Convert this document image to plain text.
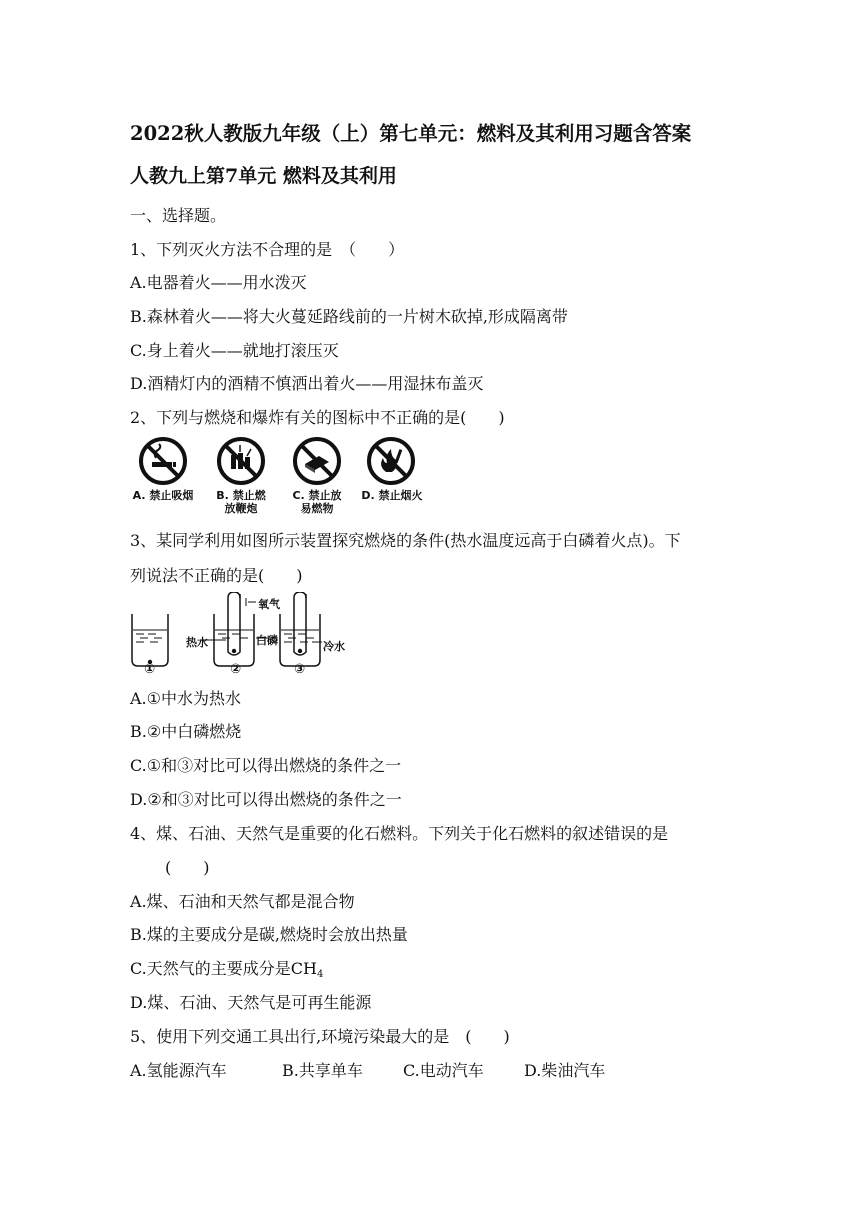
2022秋人教版九年级（上）第七单元：燃料及其利用习题含答案
人教九上第7单元 燃料及其利用
一、选择题。
1、下列灭火方法不合理的是　（　　）
A.电器着火——用水泼灭
B.森林着火——将大火蔓延路线前的一片树木砍掉,形成隔离带
C.身上着火——就地打滚压灭
D.酒精灯内的酒精不慎洒出着火——用湿抹布盖灭
2、下列与燃烧和爆炸有关的图标中不正确的是(　　)
A. 禁止吸烟	B. 禁止燃
放鞭炮
C. 禁止放
易燃物
D. 禁止烟火
3、某同学利用如图所示装置探究燃烧的条件(热水温度远高于白磷着火点)。下
列说法不正确的是(　　)
氧气
热水	白磷	冷水
①	②	③
A.①中水为热水
B.②中白磷燃烧
C.①和③对比可以得出燃烧的条件之一
D.②和③对比可以得出燃烧的条件之一
4、煤、石油、天然气是重要的化石燃料。下列关于化石燃料的叙述错误的是
(　　)
A.煤、石油和天然气都是混合物
B.煤的主要成分是碳,燃烧时会放出热量
C.天然气的主要成分是$CH_4$
D.煤、石油、天然气是可再生能源
5、使用下列交通工具出行,环境污染最大的是　(　　)
A.氢能源汽车	B.共享单车	C.电动汽车	D.柴油汽车
